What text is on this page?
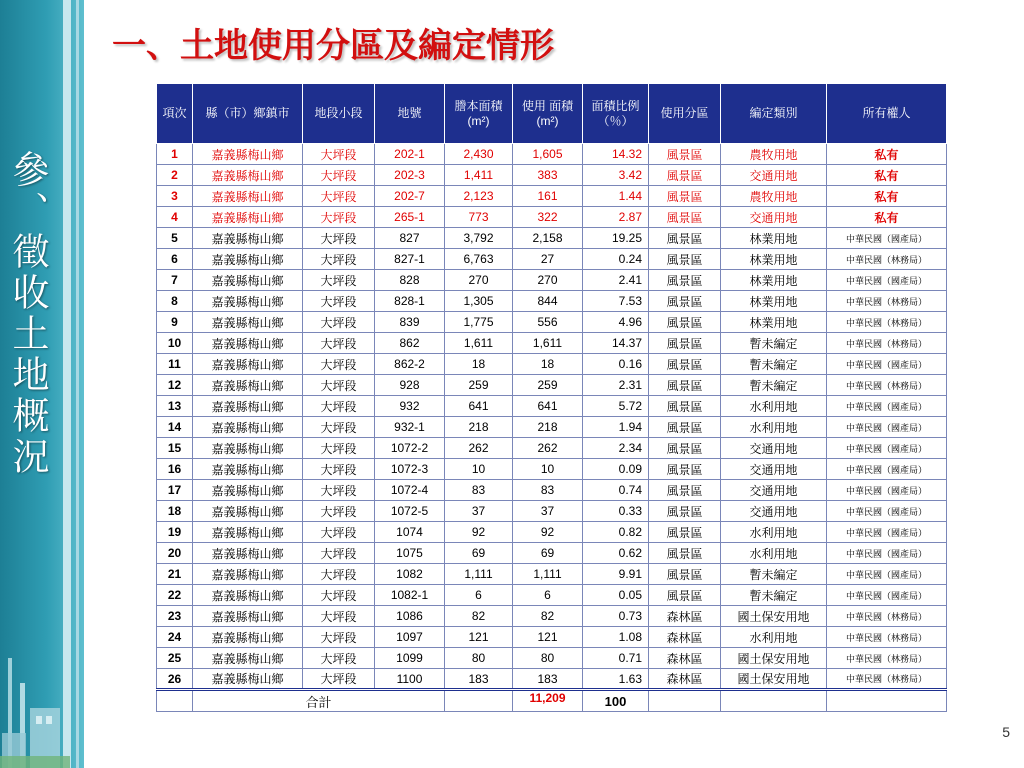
參、徵收土地概況
一、土地使用分區及編定情形
項次	縣（市）鄉鎮市	地段小段	地號	謄本面積(m²)	使用 面積(m²)	面積比例（％）	使用分區	編定類別	所有權人
1	嘉義縣梅山鄉	大坪段	202-1	2,430	1,605	14.32	風景區	農牧用地	私有
2	嘉義縣梅山鄉	大坪段	202-3	1,411	383	3.42	風景區	交通用地	私有
3	嘉義縣梅山鄉	大坪段	202-7	2,123	161	1.44	風景區	農牧用地	私有
4	嘉義縣梅山鄉	大坪段	265-1	773	322	2.87	風景區	交通用地	私有
5	嘉義縣梅山鄉	大坪段	827	3,792	2,158	19.25	風景區	林業用地	中華民國（國產局）
6	嘉義縣梅山鄉	大坪段	827-1	6,763	27	0.24	風景區	林業用地	中華民國（林務局）
7	嘉義縣梅山鄉	大坪段	828	270	270	2.41	風景區	林業用地	中華民國（國產局）
8	嘉義縣梅山鄉	大坪段	828-1	1,305	844	7.53	風景區	林業用地	中華民國（林務局）
9	嘉義縣梅山鄉	大坪段	839	1,775	556	4.96	風景區	林業用地	中華民國（林務局）
10	嘉義縣梅山鄉	大坪段	862	1,611	1,611	14.37	風景區	暫未編定	中華民國（林務局）
11	嘉義縣梅山鄉	大坪段	862-2	18	18	0.16	風景區	暫未編定	中華民國（國產局）
12	嘉義縣梅山鄉	大坪段	928	259	259	2.31	風景區	暫未編定	中華民國（林務局）
13	嘉義縣梅山鄉	大坪段	932	641	641	5.72	風景區	水利用地	中華民國（國產局）
14	嘉義縣梅山鄉	大坪段	932-1	218	218	1.94	風景區	水利用地	中華民國（國產局）
15	嘉義縣梅山鄉	大坪段	1072-2	262	262	2.34	風景區	交通用地	中華民國（國產局）
16	嘉義縣梅山鄉	大坪段	1072-3	10	10	0.09	風景區	交通用地	中華民國（國產局）
17	嘉義縣梅山鄉	大坪段	1072-4	83	83	0.74	風景區	交通用地	中華民國（國產局）
18	嘉義縣梅山鄉	大坪段	1072-5	37	37	0.33	風景區	交通用地	中華民國（國產局）
19	嘉義縣梅山鄉	大坪段	1074	92	92	0.82	風景區	水利用地	中華民國（國產局）
20	嘉義縣梅山鄉	大坪段	1075	69	69	0.62	風景區	水利用地	中華民國（國產局）
21	嘉義縣梅山鄉	大坪段	1082	1,111	1,111	9.91	風景區	暫未編定	中華民國（國產局）
22	嘉義縣梅山鄉	大坪段	1082-1	6	6	0.05	風景區	暫未編定	中華民國（國產局）
23	嘉義縣梅山鄉	大坪段	1086	82	82	0.73	森林區	國土保安用地	中華民國（林務局）
24	嘉義縣梅山鄉	大坪段	1097	121	121	1.08	森林區	水利用地	中華民國（林務局）
25	嘉義縣梅山鄉	大坪段	1099	80	80	0.71	森林區	國土保安用地	中華民國（林務局）
26	嘉義縣梅山鄉	大坪段	1100	183	183	1.63	森林區	國土保安用地	中華民國（林務局）
	合計				11,209	100			
5
